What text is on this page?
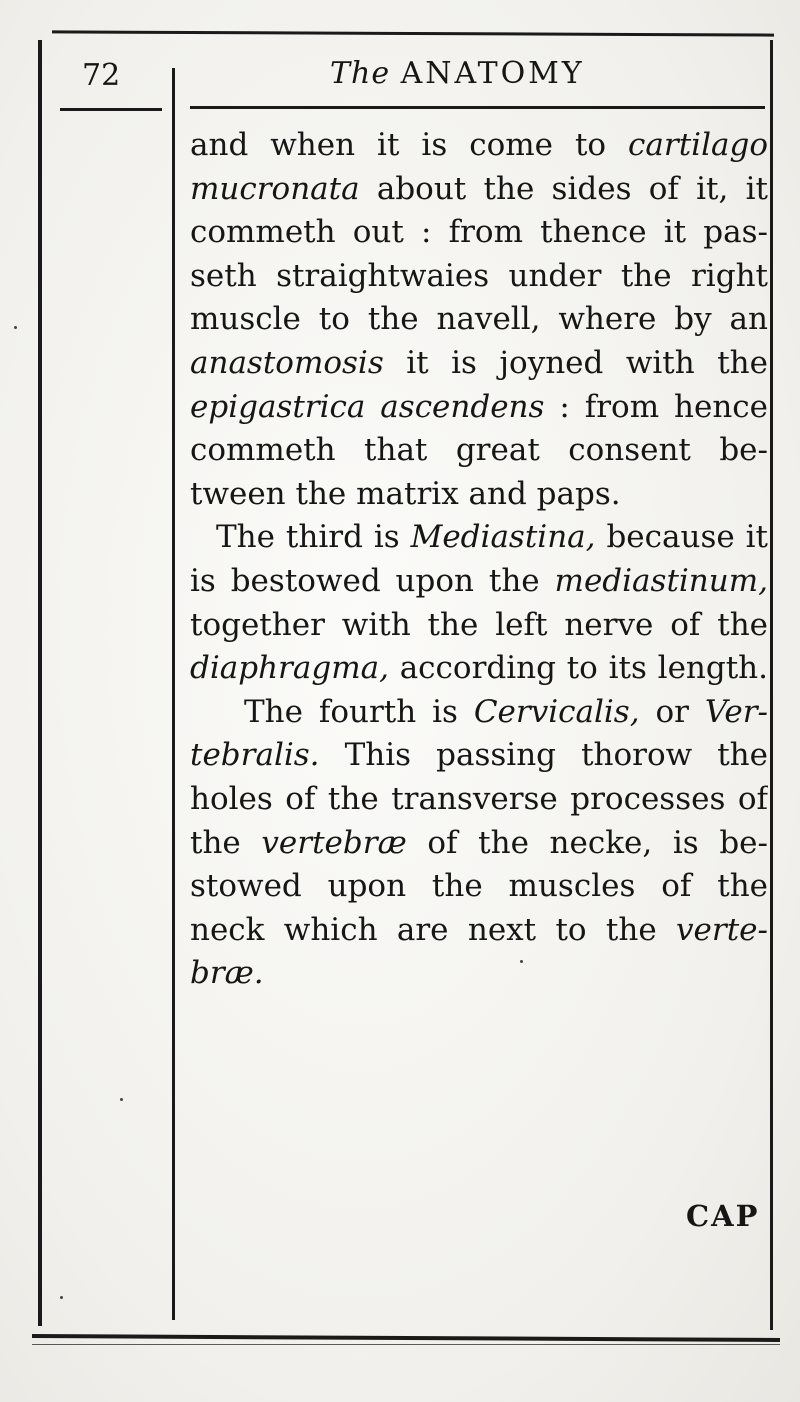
72	The ANATOMY
and when it is come to cartilago
mucronata about the sides of it, it
commeth out : from thence it pas-
seth straightwaies under the right
muscle to the navell, where by an
anastomosis it is joyned with the
epigastrica ascendens : from hence
commeth that great consent be-
tween the matrix and paps.
The third is Mediastina, because it
is bestowed upon the mediastinum,
together with the left nerve of the
diaphragma, according to its length.
The fourth is Cervicalis, or Ver-
tebralis. This passing thorow the
holes of the transverse processes of
the vertebræ of the necke, is be-
stowed upon the muscles of the
neck which are next to the verte-
bræ.
CAP
